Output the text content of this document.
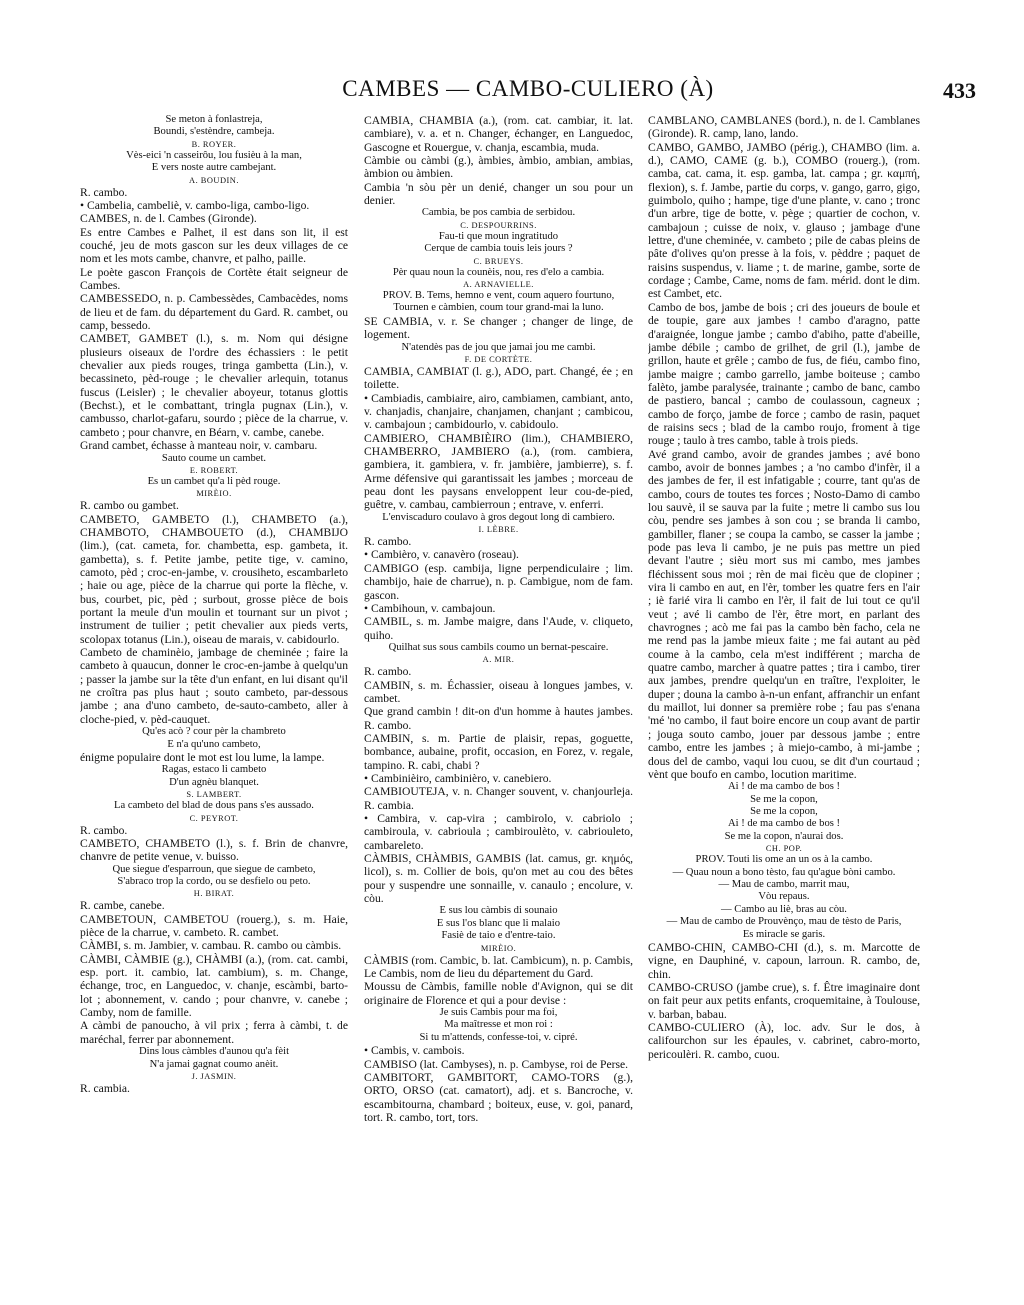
CAMBES — CAMBO-CULIERO (À)	433

Se meton à fonlastreja,

Boundi, s'estèndre, cambeja.

B. ROYER.

Vès-eici 'n casseirôu, lou fusièu à la man,

E vers noste autre cambejant.

A. BOUDIN.

R. cambo.

• Cambelia, cambeliè, v. cambo-liga, cambo-ligo.

CAMBES, n. de l. Cambes (Gironde).

Es entre Cambes e Palhet, il est dans son lit, il est couché, jeu de mots gascon sur les deux villages de ce nom et les mots cambe, chanvre, et palho, paille.

Le poète gascon François de Cortète était seigneur de Cambes.

CAMBESSEDO, n. p. Cambessèdes, Cambacèdes, noms de lieu et de fam. du département du Gard. R. cambet, ou camp, bessedo.

CAMBET, GAMBET (l.), s. m. Nom qui désigne plusieurs oiseaux de l'ordre des échassiers : le petit chevalier aux pieds rouges, tringa gambetta (Lin.), v. becassineto, pèd-rouge ; le chevalier arlequin, totanus fuscus (Leisler) ; le chevalier aboyeur, totanus glottis (Bechst.), et le combattant, tringla pugnax (Lin.), v. cambusso, charlot-gafaru, sourdo ; pièce de la charrue, v. cambeto ; pour chanvre, en Béarn, v. cambe, canebe.

Grand cambet, échasse à manteau noir, v. cambaru.

Sauto coume un cambet.

E. ROBERT.

Es un cambet qu'a li pèd rouge.

MIRÈIO.

R. cambo ou gambet.

CAMBETO, GAMBETO (l.), CHAMBETO (a.), CHAMBOTO, CHAMBOUETO (d.), CHAMBIJO (lim.), (cat. cameta, for. chambetta, esp. gambeta, it. gambetta), s. f. Petite jambe, petite tige, v. camino, camoto, pèd ; croc-en-jambe, v. crousiheto, escambarleto ; haie ou age, pièce de la charrue qui porte la flèche, v. bus, courbet, pic, pèd ; surbout, grosse pièce de bois portant la meule d'un moulin et tournant sur un pivot ; instrument de tuilier ; petit chevalier aux pieds verts, scolopax totanus (Lin.), oiseau de marais, v. cabidourlo.

Cambeto de chaminèio, jambage de cheminée ; faire la cambeto à quaucun, donner le croc-en-jambe à quelqu'un ; passer la jambe sur la tête d'un enfant, en lui disant qu'il ne croîtra pas plus haut ; souto cambeto, par-dessous jambe ; ana d'uno cambeto, de-sauto-cambeto, aller à cloche-pied, v. pèd-cauquet.

Qu'es acò ? cour pèr la chambreto

E n'a qu'uno cambeto,

énigme populaire dont le mot est lou lume, la lampe.

Ragas, estaco li cambeto

D'un agnèu blanquet.

S. LAMBERT.

La cambeto del blad de dous pans s'es aussado.

C. PEYROT.

R. cambo.

CAMBETO, CHAMBETO (l.), s. f. Brin de chanvre, chanvre de petite venue, v. buisso.

Que siegue d'esparroun, que siegue de cambeto,

S'abraco trop la cordo, ou se desfielo ou peto.

H. BIRAT.

R. cambe, canebe.

CAMBETOUN, CAMBETOU (rouerg.), s. m. Haie, pièce de la charrue, v. cambeto. R. cambet.

CÀMBI, s. m. Jambier, v. cambau. R. cambo ou càmbis.

CÀMBI, CÀMBIE (g.), CHÀMBI (a.), (rom. cat. cambi, esp. port. it. cambio, lat. cambium), s. m. Change, échange, troc, en Languedoc, v. chanje, escàmbi, barto-lot ; abonnement, v. cando ; pour chanvre, v. canebe ; Camby, nom de famille.

A càmbi de panoucho, à vil prix ; ferra à càmbi, t. de maréchal, ferrer par abonnement.

Dins lous càmbles d'aunou qu'a fèit

N'a jamai gagnat coumo anèit.

J. JASMIN.

R. cambia.

CAMBIA, CHAMBIA (a.), (rom. cat. cambiar, it. lat. cambiare), v. a. et n. Changer, échanger, en Languedoc, Gascogne et Rouergue, v. chanja, escambia, muda.

Càmbie ou càmbi (g.), àmbies, àmbio, ambian, ambias, àmbion ou àmbien.

Cambia 'n sòu pèr un denié, changer un sou pour un denier.

Cambia, be pos cambia de serbidou.

C. DESPOURRINS.

Fau-ti que moun ingratitudo

Cerque de cambia touis leis jours ?

C. BRUEYS.

Pèr quau noun la counèis, nou, res d'elo a cambia.

A. ARNAVIELLE.

PROV. B. Tems, hemno e vent, coum aquero fourtuno, Tournen e càmbien, coum tour grand-mai la luno.

SE CAMBIA, v. r. Se changer ; changer de linge, de logement.

N'atendès pas de jou que jamai jou me cambi.

F. DE CORTÈTE.

CAMBIA, CAMBIAT (l. g.), ADO, part. Changé, ée ; en toilette.

• Cambiadis, cambiaire, airo, cambiamen, cambiant, anto, v. chanjadis, chanjaire, chanjamen, chanjant ; cambicou, v. cambajoun ; cambidourlo, v. cabidoulo.

CAMBIERO, CHAMBIÈIRO (lim.), CHAMBIERO, CHAMBERRO, JAMBIERO (a.), (rom. cambiera, gambiera, it. gambiera, v. fr. jambière, jambierre), s. f. Arme défensive qui garantissait les jambes ; morceau de peau dont les paysans enveloppent leur cou-de-pied, guêtre, v. cambau, cambierroun ; entrave, v. enferri.

L'enviscaduro coulavo à gros degout long di cambiero.

I. LÈBRE.

R. cambo.

• Cambièro, v. canavèro (roseau).

CAMBIGO (esp. cambija, ligne perpendiculaire ; lim. chambijo, haie de charrue), n. p. Cambigue, nom de fam. gascon.

• Cambihoun, v. cambajoun.

CAMBIL, s. m. Jambe maigre, dans l'Aude, v. cliqueto, quiho.

Quilhat sus sous cambils coumo un bernat-pescaire.

A. MIR.

R. cambo.

CAMBIN, s. m. Échassier, oiseau à longues jambes, v. cambet.

Que grand cambin ! dit-on d'un homme à hautes jambes. R. cambo.

CAMBIN, s. m. Partie de plaisir, repas, goguette, bombance, aubaine, profit, occasion, en Forez, v. regale, tampino. R. cabi, chabi ?

• Cambinièiro, cambinièro, v. canebiero.

CAMBIOUTEJA, v. n. Changer souvent, v. chanjourleja. R. cambia.

• Cambira, v. cap-vira ; cambirolo, v. cabriolo ; cambiroula, v. cabrioula ; cambiroulèto, v. cabriouleto, cambareleto.

CÀMBIS, CHÀMBIS, GAMBIS (lat. camus, gr. κημός, licol), s. m. Collier de bois, qu'on met au cou des bêtes pour y suspendre une sonnaille, v. canaulo ; encolure, v. còu.

E sus lou càmbis di sounaio

E sus l'os blanc que li malaio

Fasiè de taio e d'entre-taio.

MIRÈIO.

CÀMBIS (rom. Cambic, b. lat. Cambicum), n. p. Cambis, Le Cambis, nom de lieu du département du Gard.

Moussu de Càmbis, famille noble d'Avignon, qui se dit originaire de Florence et qui a pour devise :

Je suis Cambis pour ma foi,

Ma maîtresse et mon roi :

Si tu m'attends, confesse-toi, v. cipré.

• Cambis, v. cambois.

CAMBISO (lat. Cambyses), n. p. Cambyse, roi de Perse.

CAMBITORT, GAMBITORT, CAMO-TORS (g.), ORTO, ORSO (cat. camatort), adj. et s. Bancroche, v. escambitourna, chambard ; boiteux, euse, v. goi, panard, tort. R. cambo, tort, tors.

CAMBLANO, CAMBLANES (bord.), n. de l. Camblanes (Gironde). R. camp, lano, lando.

CAMBO, GAMBO, JAMBO (périg.), CHAMBO (lim. a. d.), CAMO, CAME (g. b.), COMBO (rouerg.), (rom. camba, cat. cama, it. esp. gamba, lat. campa ; gr. καμπή, flexion), s. f. Jambe, partie du corps, v. gango, garro, gigo, guimbolo, quiho ; hampe, tige d'une plante, v. cano ; tronc d'un arbre, tige de botte, v. pège ; quartier de cochon, v. cambajoun ; cuisse de noix, v. glauso ; jambage d'une lettre, d'une cheminée, v. cambeto ; pile de cabas pleins de pâte d'olives qu'on presse à la fois, v. pèddre ; paquet de raisins suspendus, v. liame ; t. de marine, gambe, sorte de cordage ; Cambe, Came, noms de fam. mérid. dont le dim. est Cambet, etc.

Cambo de bos, jambe de bois ; cri des joueurs de boule et de toupie, gare aux jambes ! cambo d'aragno, patte d'araignée, longue jambe ; cambo d'abiho, patte d'abeille, jambe débile ; cambo de grilhet, de gril (l.), jambe de grillon, haute et grêle ; cambo de fus, de fiéu, cambo fino, jambe maigre ; cambo garrello, jambe boiteuse ; cambo falèto, jambe paralysée, trainante ; cambo de banc, cambo de pastiero, bancal ; cambo de coulassoun, cagneux ; cambo de forço, jambe de force ; cambo de rasin, paquet de raisins secs ; blad de la cambo roujo, froment à tige rouge ; taulo à tres cambo, table à trois pieds.

Avé grand cambo, avoir de grandes jambes ; avé bono cambo, avoir de bonnes jambes ; a 'no cambo d'infèr, il a des jambes de fer, il est infatigable ; courre, tant qu'as de cambo, cours de toutes tes forces ; Nosto-Damo di cambo lou sauvè, il se sauva par la fuite ; metre li cambo sus lou còu, pendre ses jambes à son cou ; se branda li cambo, gambiller, flaner ; se coupa la cambo, se casser la jambe ; pode pas leva li cambo, je ne puis pas mettre un pied devant l'autre ; sièu mort sus mi cambo, mes jambes fléchissent sous moi ; rèn de mai ficèu que de clopiner ; vira li cambo en aut, en l'èr, tomber les quatre fers en l'air ; iè farié vira li cambo en l'èr, il fait de lui tout ce qu'il veut ; avé li cambo de l'èr, être mort, en parlant des chavrognes ; acò me fai pas la cambo bèn facho, cela ne me rend pas la jambe mieux faite ; me fai autant au pèd coume à la cambo, cela m'est indifférent ; marcha de quatre cambo, marcher à quatre pattes ; tira i cambo, tirer aux jambes, prendre quelqu'un en traître, l'exploiter, le duper ; douna la cambo à-n-un enfant, affranchir un enfant du maillot, lui donner sa première robe ; fau pas s'enana 'mé 'no cambo, il faut boire encore un coup avant de partir ; jouga souto cambo, jouer par dessous jambe ; entre cambo, entre les jambes ; à miejo-cambo, à mi-jambe ; dous del de cambo, vaqui lou cuou, se dit d'un courtaud ; vènt que boufo en cambo, locution maritime.

Ai ! de ma cambo de bos !

Se me la copon,

Se me la copon,

Ai ! de ma cambo de bos !

Se me la copon, n'aurai dos.

CH. POP.

PROV. Touti lis ome an un os à la cambo.

— Quau noun a bono tèsto, fau qu'ague bòni cambo.

— Mau de cambo, marrit mau,

Vòu repaus.

— Cambo au liè, bras au còu.

— Mau de cambo de Prouvènço, mau de tèsto de Paris,

Es miracle se garis.

CAMBO-CHIN, CAMBO-CHI (d.), s. m. Marcotte de vigne, en Dauphiné, v. capoun, larroun. R. cambo, de, chin.

CAMBO-CRUSO (jambe crue), s. f. Être imaginaire dont on fait peur aux petits enfants, croquemitaine, à Toulouse, v. barban, babau.

CAMBO-CULIERO (À), loc. adv. Sur le dos, à califourchon sur les épaules, v. cabrinet, cabro-morto, pericoulèri. R. cambo, cuou.
